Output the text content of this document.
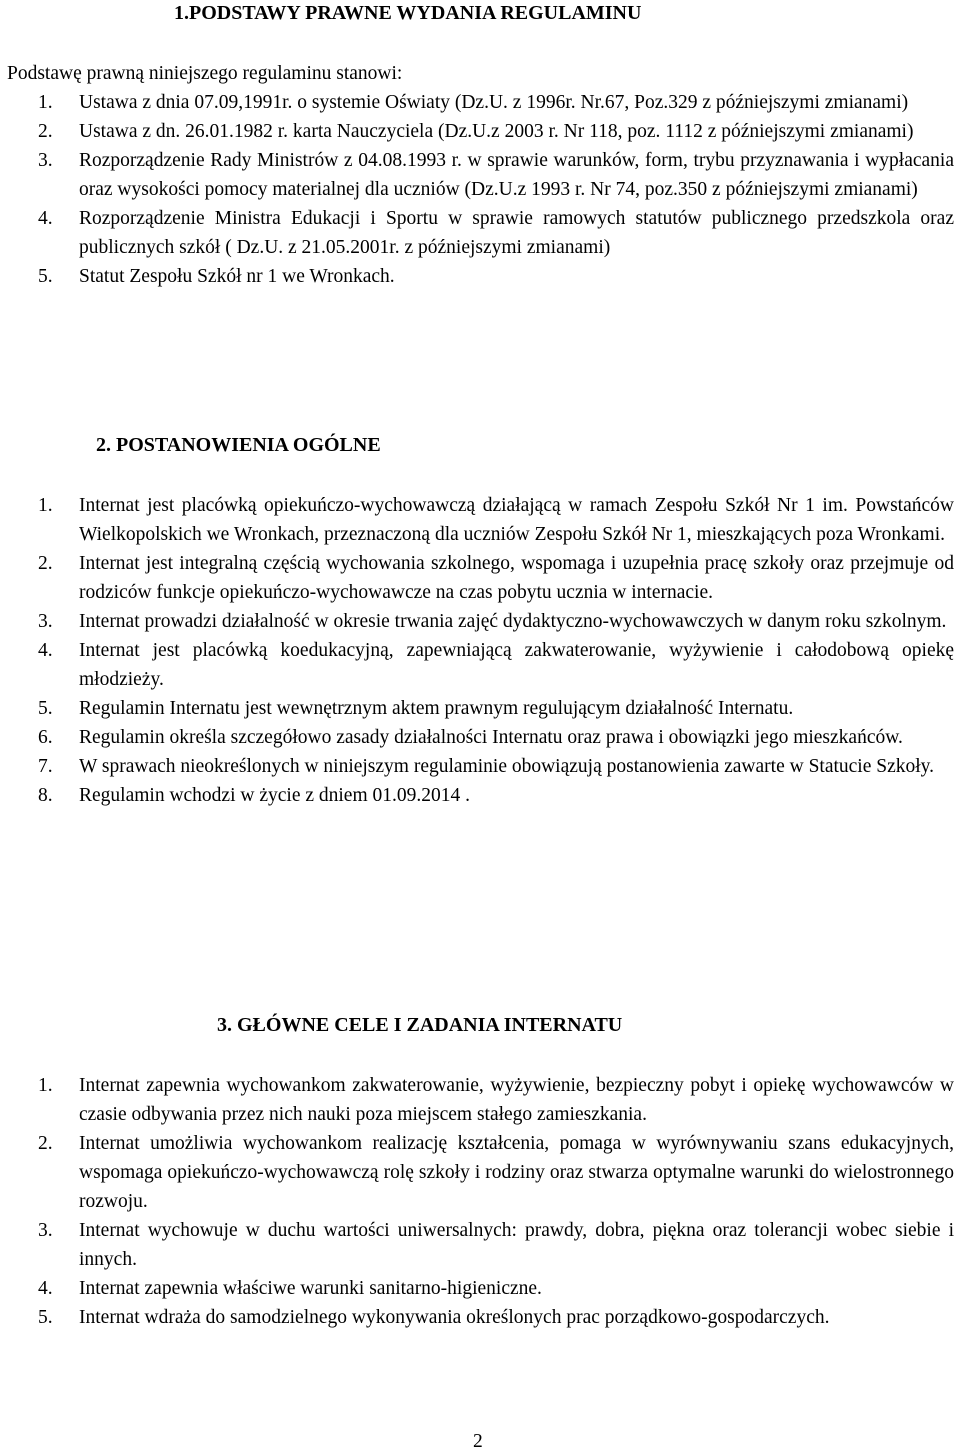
1.PODSTAWY PRAWNE WYDANIA REGULAMINU
Podstawę prawną niniejszego regulaminu stanowi:
1. Ustawa z dnia 07.09,1991r. o systemie Oświaty (Dz.U. z 1996r. Nr.67, Poz.329 z późniejszymi zmianami)
2. Ustawa z dn. 26.01.1982 r. karta Nauczyciela (Dz.U.z 2003 r. Nr 118, poz. 1112 z późniejszymi zmianami)
3. Rozporządzenie Rady Ministrów z 04.08.1993 r. w sprawie warunków, form, trybu przyznawania i wypłacania oraz wysokości pomocy materialnej dla uczniów (Dz.U.z 1993 r. Nr 74, poz.350 z późniejszymi zmianami)
4. Rozporządzenie Ministra Edukacji i Sportu w sprawie ramowych statutów publicznego przedszkola oraz publicznych szkół ( Dz.U. z 21.05.2001r. z późniejszymi zmianami)
5. Statut Zespołu Szkół nr 1 we Wronkach.
2. POSTANOWIENIA OGÓLNE
1. Internat jest placówką opiekuńczo-wychowawczą działającą w ramach Zespołu Szkół Nr 1 im. Powstańców Wielkopolskich we Wronkach, przeznaczoną dla uczniów Zespołu Szkół Nr 1, mieszkających poza Wronkami.
2. Internat jest integralną częścią wychowania szkolnego, wspomaga i uzupełnia pracę szkoły oraz przejmuje od rodziców funkcje opiekuńczo-wychowawcze na czas pobytu ucznia w internacie.
3. Internat prowadzi działalność w okresie trwania zajęć dydaktyczno-wychowawczych w danym roku szkolnym.
4. Internat jest placówką koedukacyjną, zapewniającą zakwaterowanie, wyżywienie i całodobową opiekę młodzieży.
5. Regulamin Internatu jest wewnętrznym aktem prawnym regulującym działalność Internatu.
6. Regulamin określa szczegółowo zasady działalności Internatu oraz prawa i obowiązki jego mieszkańców.
7. W sprawach nieokreślonych w niniejszym regulaminie obowiązują postanowienia zawarte w Statucie Szkoły.
8. Regulamin wchodzi w życie z dniem 01.09.2014 .
3. GŁÓWNE CELE I ZADANIA INTERNATU
1. Internat zapewnia wychowankom zakwaterowanie, wyżywienie, bezpieczny pobyt i opiekę wychowawców w czasie odbywania przez nich nauki poza miejscem stałego zamieszkania.
2. Internat umożliwia wychowankom realizację kształcenia, pomaga w wyrównywaniu szans edukacyjnych, wspomaga opiekuńczo-wychowawczą rolę szkoły i rodziny oraz stwarza optymalne warunki do wielostronnego rozwoju.
3. Internat wychowuje w duchu wartości uniwersalnych: prawdy, dobra, piękna oraz tolerancji wobec siebie i innych.
4. Internat zapewnia właściwe warunki sanitarno-higieniczne.
5. Internat wdraża do samodzielnego wykonywania określonych prac porządkowo-gospodarczych.
2
